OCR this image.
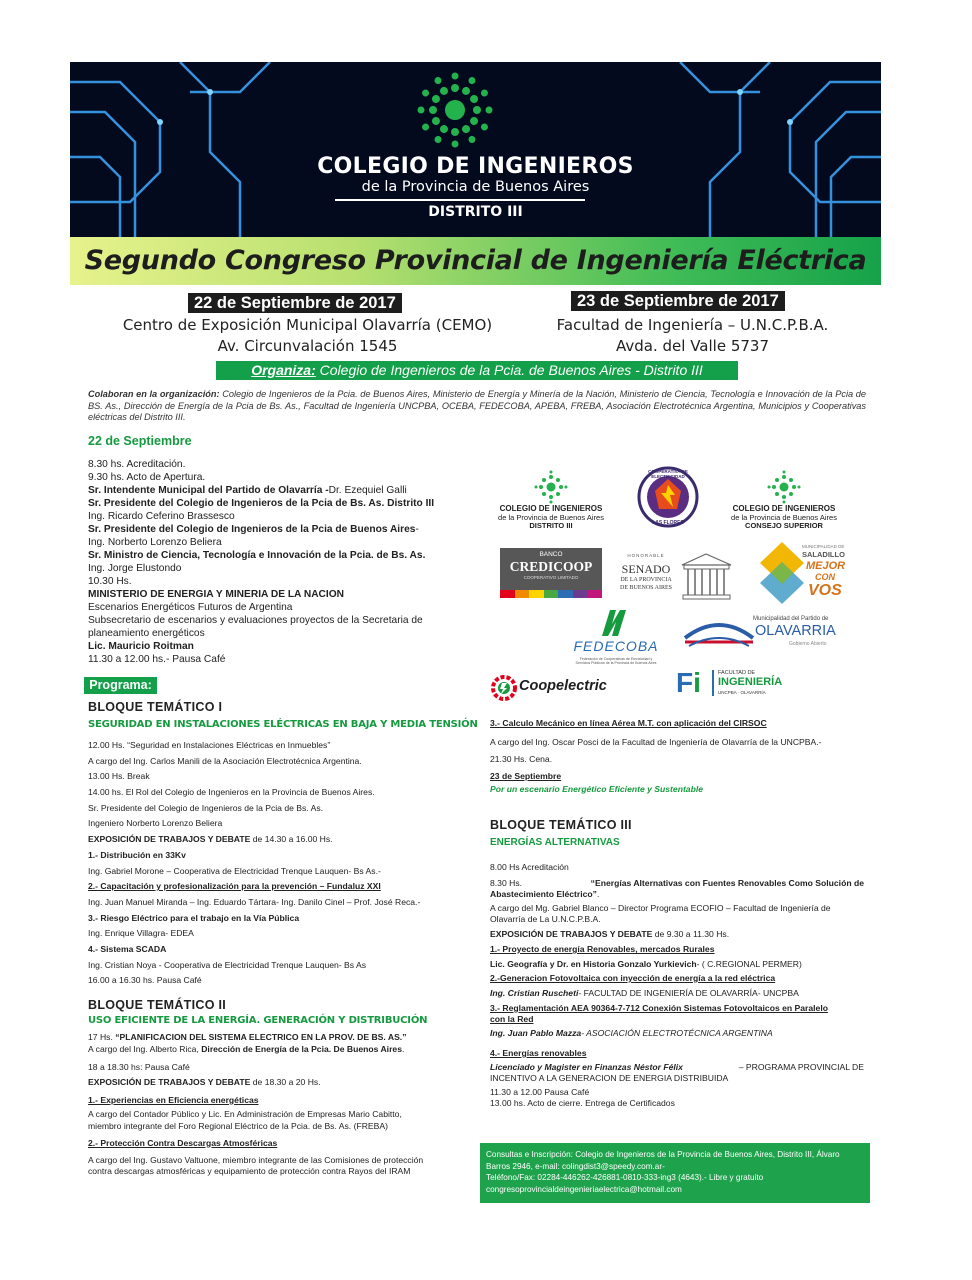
COLEGIO DE INGENIEROS
de la Provincia de Buenos Aires
DISTRITO III
Segundo Congreso Provincial de Ingeniería Eléctrica
22 de Septiembre de 2017
Centro de Exposición Municipal Olavarría (CEMO)
Av. Circunvalación 1545
23 de Septiembre de 2017
Facultad de Ingeniería – U.N.C.P.B.A.
Avda. del Valle 5737
Organiza: Colegio de Ingenieros de la Pcia. de Buenos Aires - Distrito III
Colaboran en la organización: Colegio de Ingenieros de la Pcia. de Buenos Aires, Ministerio de Energía y Minería de la Nación, Ministerio de Ciencia, Tecnología e Innovación de la Pcia de BS. As., Dirección de Energía de la Pcia de Bs. As., Facultad de Ingeniería UNCPBA, OCEBA, FEDECOBA, APEBA, FREBA, Asociación Electrotécnica Argentina, Municipios y Cooperativas eléctricas del Distrito III.
22 de Septiembre
8.30 hs. Acreditación.
9.30 hs. Acto de Apertura.
Sr. Intendente Municipal del Partido de Olavarría -Dr. Ezequiel Galli
Sr. Presidente del Colegio de Ingenieros de la Pcia de Bs. As. Distrito III
Ing. Ricardo Ceferino Brassesco
Sr. Presidente del Colegio de Ingenieros de la Pcia de Buenos Aires-
Ing. Norberto Lorenzo Beliera
Sr. Ministro de Ciencia, Tecnología e Innovación de la Pcia. de Bs. As.
Ing. Jorge Elustondo
10.30 Hs.
MINISTERIO DE ENERGIA Y MINERIA DE LA NACION
Escenarios Energéticos Futuros de Argentina
Subsecretario de escenarios y evaluaciones proyectos de la Secretaria de
planeamiento energéticos
Lic. Mauricio Roitman
11.30 a 12.00 hs.- Pausa Café
Programa:
BLOQUE TEMÁTICO I
SEGURIDAD EN INSTALACIONES ELÉCTRICAS EN BAJA Y MEDIA TENSIÓN
12.00 Hs. “Seguridad en Instalaciones Eléctricas en Inmuebles”
A cargo del Ing. Carlos Manili de la Asociación Electrotécnica Argentina.
13.00 Hs. Break
14.00 hs. El Rol del Colegio de Ingenieros en la Provincia de Buenos Aires.
Sr. Presidente del Colegio de Ingenieros de la Pcia de Bs. As.
Ingeniero Norberto Lorenzo Beliera
EXPOSICIÓN DE TRABAJOS Y DEBATE de 14.30 a 16.00 Hs.
1.- Distribución en 33Kv
Ing. Gabriel Morone – Cooperativa de Electricidad Trenque Lauquen- Bs As.-
2.- Capacitación y profesionalización para la prevención – Fundaluz XXI
Ing. Juan Manuel Miranda – Ing. Eduardo Tártara- Ing. Danilo Cinel – Prof. José Reca.-
3.- Riesgo Eléctrico para el trabajo en la Vía Pública
Ing. Enrique Villagra- EDEA
4.- Sistema SCADA
Ing. Cristian Noya - Cooperativa de Electricidad Trenque Lauquen- Bs As
16.00 a 16.30 hs. Pausa Café
BLOQUE TEMÁTICO II
USO EFICIENTE DE LA ENERGÍA. GENERACIÓN Y DISTRIBUCIÓN
17 Hs. “PLANIFICACION DEL SISTEMA ELECTRICO EN LA PROV. DE BS. AS.”
A cargo del Ing. Alberto Rica, Dirección de Energía de la Pcia. De Buenos Aires.
18 a 18.30 hs: Pausa Café
EXPOSICIÓN DE TRABAJOS Y DEBATE de 18.30 a 20 Hs.
1.- Experiencias en Eficiencia energéticas
A cargo del Contador Público y Lic. En Administración de Empresas Mario Cabitto,
miembro integrante del Foro Regional Eléctrico de la Pcia. de Bs. As. (FREBA)
2.- Protección Contra Descargas Atmosféricas
A cargo del Ing. Gustavo Valtuone, miembro integrante de las Comisiones de protección
contra descargas atmosféricas y equipamiento de protección contra Rayos del IRAM
COLEGIO DE INGENIEROS
de la Provincia de Buenos Aires
DISTRITO III
COOPERATIVA DE ELECTRICIDAD
LAS FLORES
COLEGIO DE INGENIEROS
de la Provincia de Buenos Aires
CONSEJO SUPERIOR
BANCO
CREDICOOP
COOPERATIVO LIMITADO
HONORABLE
SENADO
DE LA PROVINCIA
DE BUENOS AIRES
MUNICIPALIDAD DE
SALADILLO
MEJOR
CON
VOS
FEDECOBA
Federación de Cooperativas de Electricidad y Servicios Públicos de la Provincia de Buenos Aires
Municipalidad del Partido de
OLAVARRIA
Gobierno Abierto
Coopelectric Fi	FACULTAD DE
INGENIERÍA
UNCPBA · OLAVARRÍA
3.- Calculo Mecánico en línea Aérea M.T. con aplicación del CIRSOC
A cargo del Ing. Oscar Posci de la Facultad de Ingeniería de Olavarría de la UNCPBA.-
21.30 Hs. Cena.
23 de Septiembre
Por un escenario Energético Eficiente y Sustentable
BLOQUE TEMÁTICO III
ENERGÍAS ALTERNATIVAS
8.00 Hs Acreditación
8.30 Hs.	“Energías Alternativas con Fuentes Renovables Como Solución de
Abastecimiento Eléctrico”.
A cargo del Mg. Gabriel Blanco – Director Programa ECOFIO – Facultad de Ingeniería de
Olavarría de La U.N.C.P.B.A.
EXPOSICIÓN DE TRABAJOS Y DEBATE de 9.30 a 11.30 Hs.
1.- Proyecto de energía Renovables, mercados Rurales
Lic. Geografía y Dr. en Historia Gonzalo Yurkievich- ( C.REGIONAL PERMER)
2.-Generacion Fotovoltaica con inyección de energía a la red eléctrica
Ing. Cristian Ruscheti- FACULTAD DE INGENIERÍA DE OLAVARRÍA- UNCPBA
3.- Reglamentación AEA 90364-7-712 Conexión Sistemas Fotovoltaicos en Paralelo
con la Red
Ing. Juan Pablo Mazza- ASOCIACIÓN ELECTROTÉCNICA ARGENTINA
4.- Energías renovables
Licenciado y Magister en Finanzas Néstor Félix	– PROGRAMA PROVINCIAL DE
INCENTIVO A LA GENERACION DE ENERGIA DISTRIBUIDA
11.30 a 12.00 Pausa Café
13.00 hs. Acto de cierre. Entrega de Certificados
Consultas e Inscripción: Colegio de Ingenieros de la Provincia de Buenos Aires, Distrito III, Álvaro
Barros 2946, e-mail: colingdist3@speedy.com.ar-
Teléfono/Fax: 02284-446262-426881-0810-333-ing3 (4643).- Libre y gratuito
congresoprovincialdeingenieriaelectrica@hotmail.com
